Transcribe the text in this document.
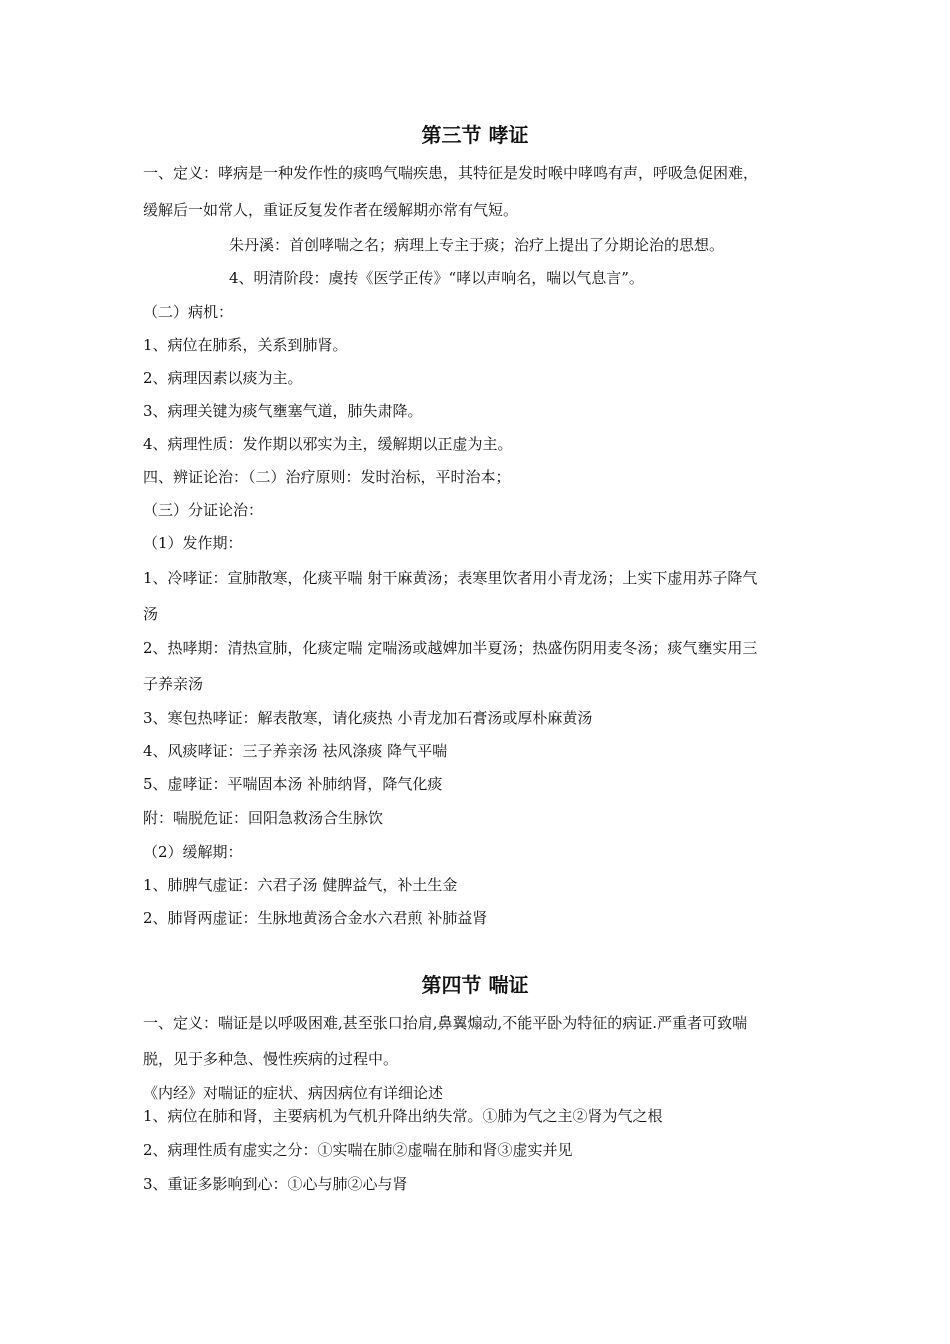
第三节 哮证
一、定义：哮病是一种发作性的痰鸣气喘疾患，其特征是发时喉中哮鸣有声，呼吸急促困难，
缓解后一如常人，重证反复发作者在缓解期亦常有气短。
朱丹溪：首创哮喘之名；病理上专主于痰；治疗上提出了分期论治的思想。
4、明清阶段：虞抟《医学正传》“哮以声响名，喘以气息言”。
（二）病机：
1、病位在肺系，关系到肺肾。
2、病理因素以痰为主。
3、病理关键为痰气壅塞气道，肺失肃降。
4、病理性质：发作期以邪实为主，缓解期以正虚为主。
四、辨证论治：（二）治疗原则：发时治标，平时治本；
（三）分证论治：
（1）发作期：
1、冷哮证：宣肺散寒，化痰平喘 射干麻黄汤；表寒里饮者用小青龙汤；上实下虚用苏子降气
汤
2、热哮期：清热宣肺，化痰定喘 定喘汤或越婢加半夏汤；热盛伤阴用麦冬汤；痰气壅实用三
子养亲汤
3、寒包热哮证：解表散寒，请化痰热 小青龙加石膏汤或厚朴麻黄汤
4、风痰哮证：三子养亲汤 祛风涤痰 降气平喘
5、虚哮证：平喘固本汤 补肺纳肾，降气化痰
附：喘脱危证：回阳急救汤合生脉饮
（2）缓解期：
1、肺脾气虚证：六君子汤 健脾益气，补土生金
2、肺肾两虚证：生脉地黄汤合金水六君煎 补肺益肾
第四节 喘证
一、定义：喘证是以呼吸困难,甚至张口抬肩,鼻翼煽动,不能平卧为特征的病证.严重者可致喘
脱，见于多种急、慢性疾病的过程中。
《内经》对喘证的症状、病因病位有详细论述
1、病位在肺和肾，主要病机为气机升降出纳失常。①肺为气之主②肾为气之根
2、病理性质有虚实之分：①实喘在肺②虚喘在肺和肾③虚实并见
3、重证多影响到心：①心与肺②心与肾
